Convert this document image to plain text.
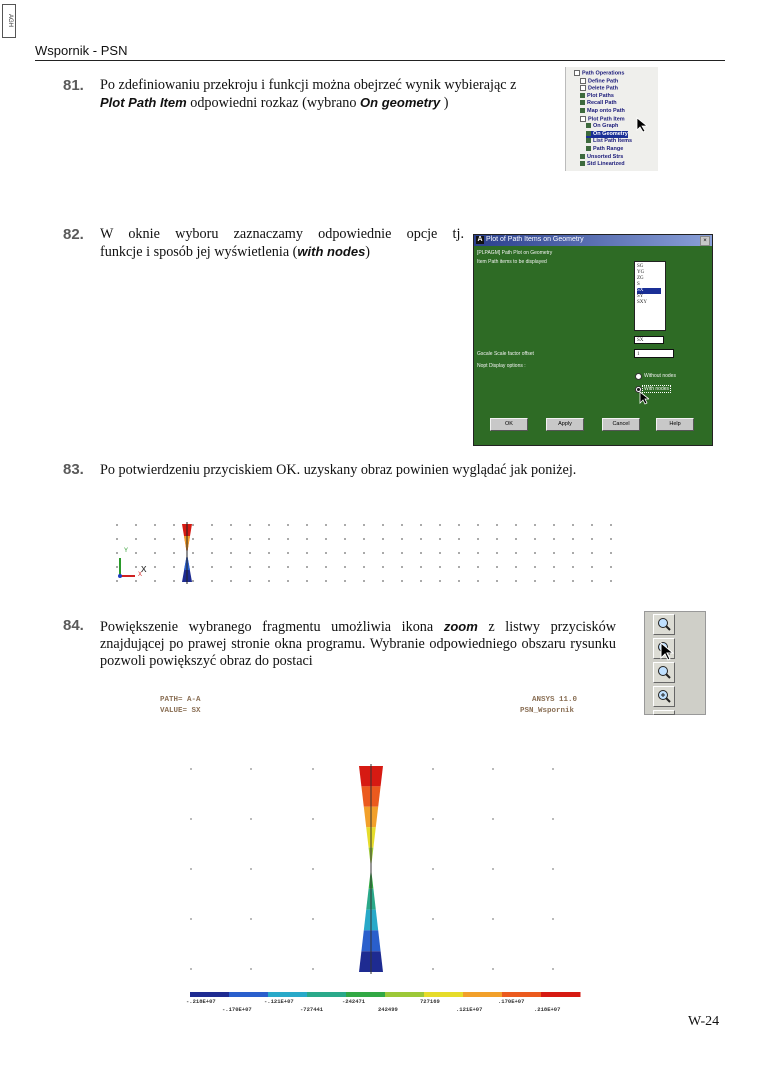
AGH
Wspornik - PSN
81. Po zdefiniowaniu przekroju i funkcji można obejrzeć wynik wybierając z
Plot Path Item odpowiedni rozkaz (wybrano On geometry )
Path Operations
Define Path
Delete Path
Plot Paths
Recall Path
Map onto Path
Plot Path Item
On Graph
On Geometry
List Path Items
Path Range
Unsorted Strs
Std Linearized
82. W oknie wyboru zaznaczamy odpowiednie opcje tj.
funkcje i sposób jej wyświetlenia (with nodes)
A Plot of Path Items on Geometry	×
[PLPAGM] Path Plot on Geometry
Item Path items to be displayed
SG
YG
ZG
S
SX
SY
SXY
SX
Gscale Scale factor offset	1
Nopt Display options :
Without nodes
With nodes
OK	Apply	Cancel	Help
83. Po potwierdzeniu przyciskiem OK. uzyskany obraz powinien wyglądać jak poniżej.
Y
X
x
84. Powiększenie wybranego fragmentu umożliwia ikona zoom z listwy przycisków znajdującej po prawej stronie okna programu. Wybranie odpowiedniego obszaru rysunku pozwoli powiększyć obraz do postaci
PATH= A-A
VALUE= SX
ANSYS 11.0
PSN_Wspornik
-.218E+07	-.121E+07	-242471	727169	.170E+07
-.170E+07	-727441	242499	.121E+07	.218E+07
W-24
